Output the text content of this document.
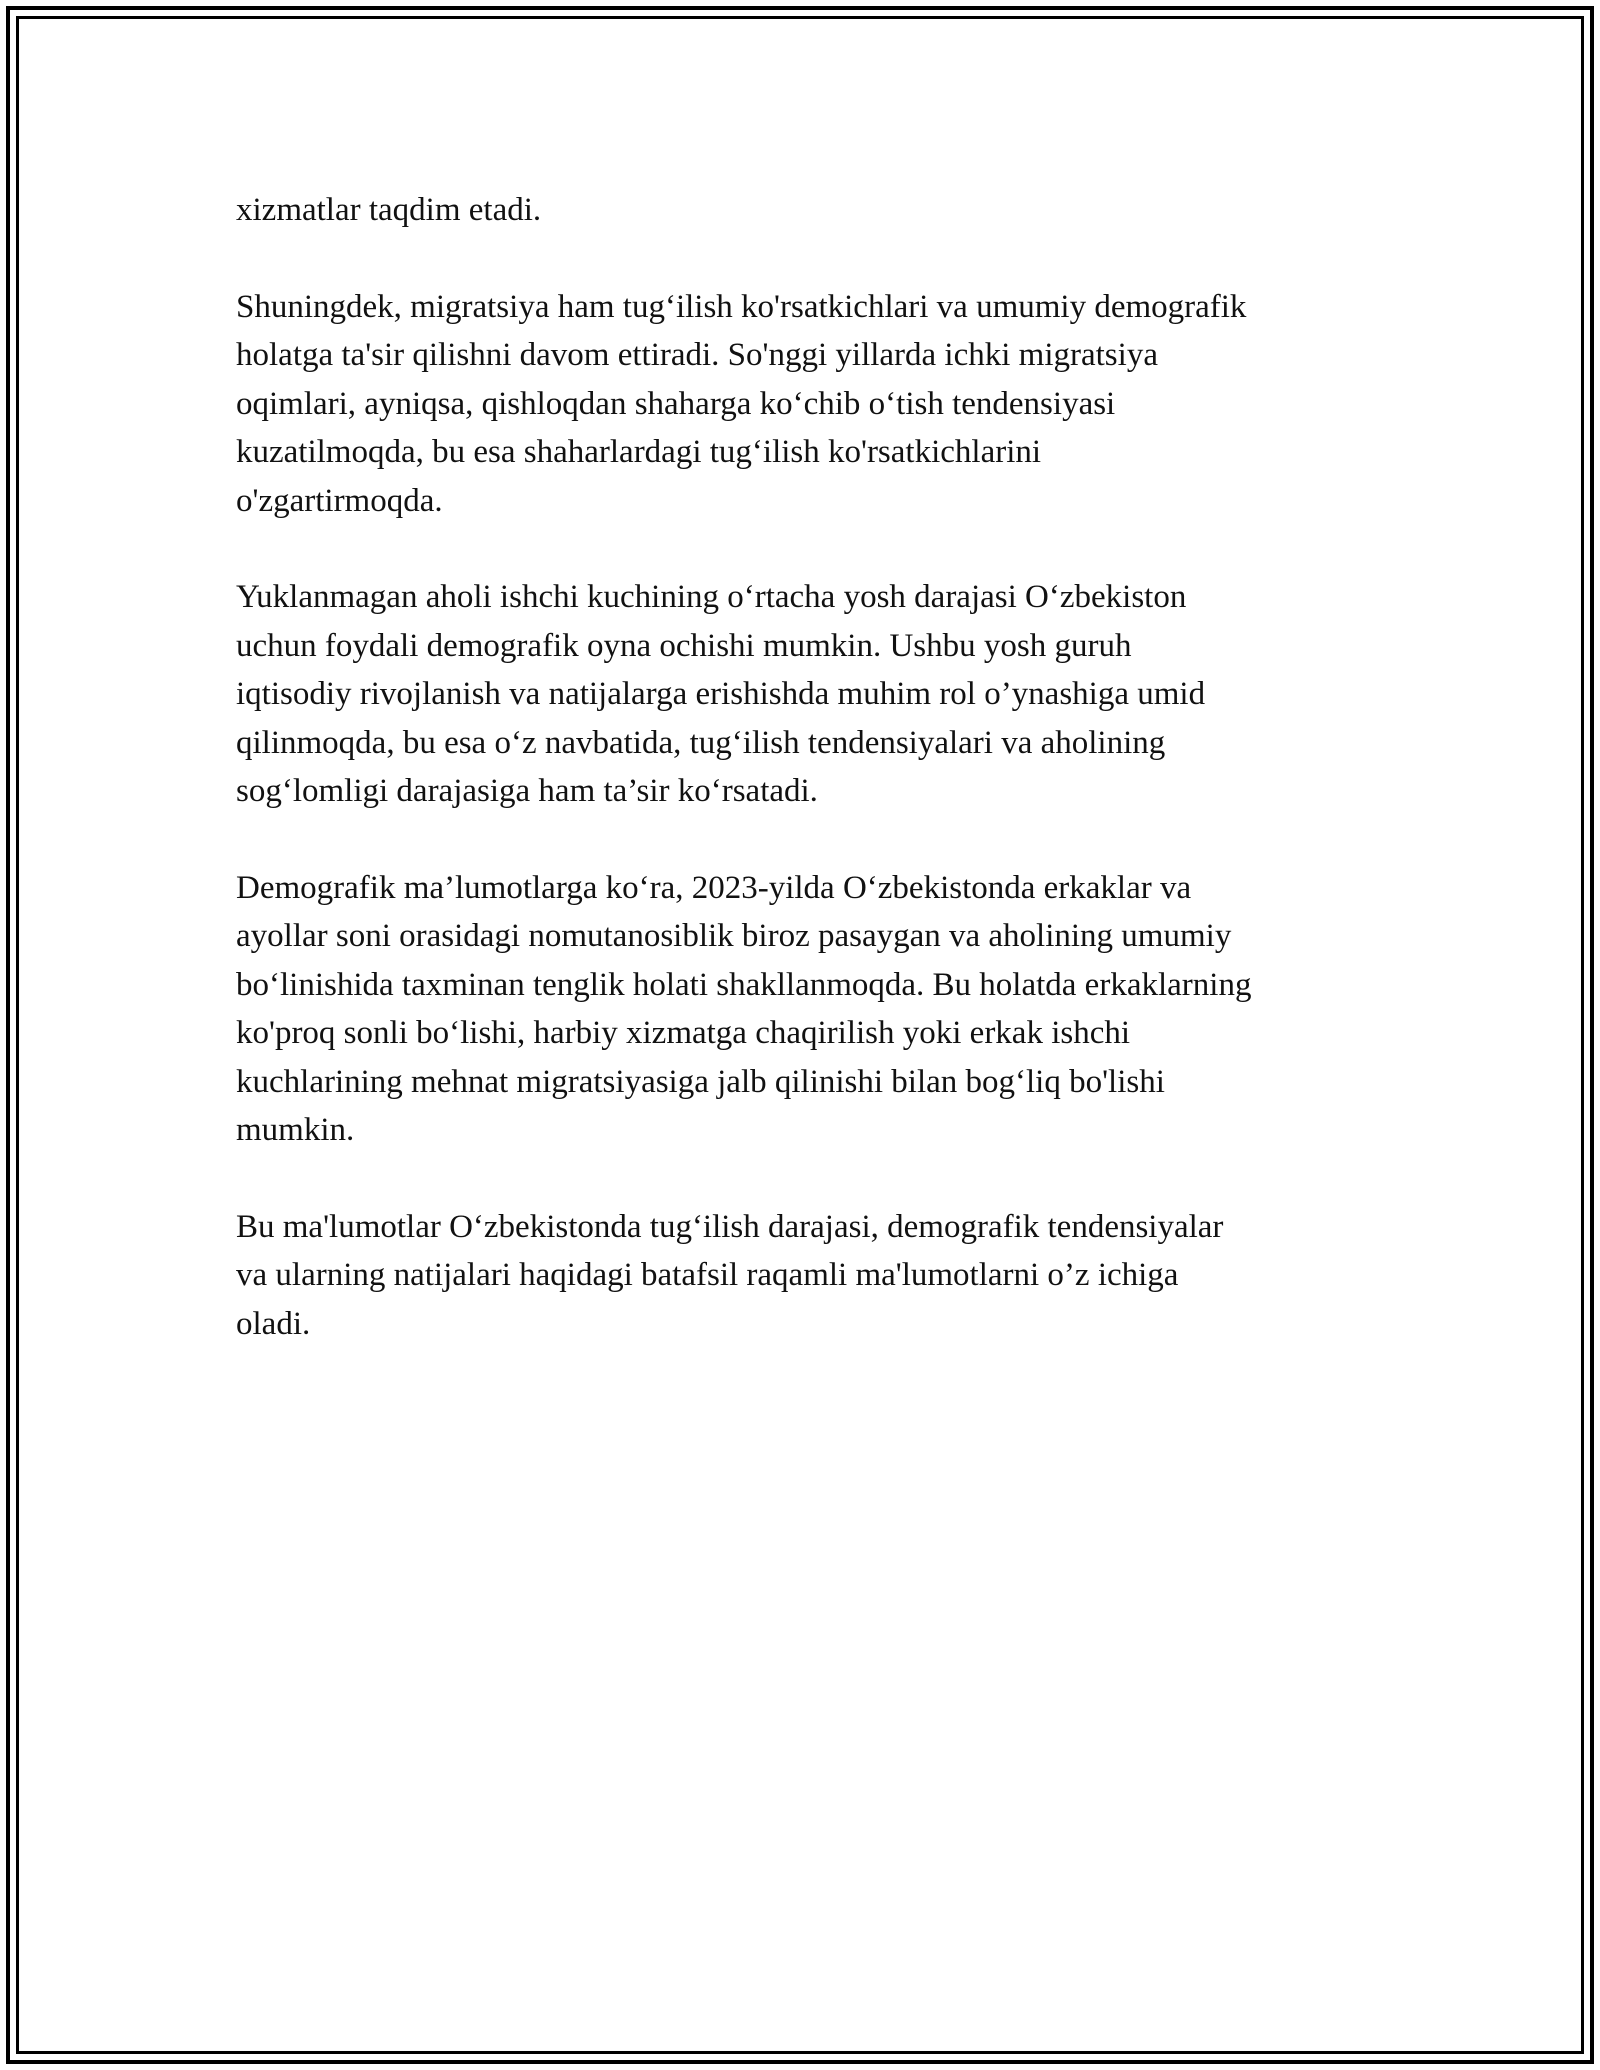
xizmatlar taqdim etadi.

Shuningdek, migratsiya ham tug‘ilish ko'rsatkichlari va umumiy demografik
holatga ta'sir qilishni davom ettiradi. So'nggi yillarda ichki migratsiya
oqimlari, ayniqsa, qishloqdan shaharga ko‘chib o‘tish tendensiyasi
kuzatilmoqda, bu esa shaharlardagi tug‘ilish ko'rsatkichlarini
o'zgartirmoqda.

Yuklanmagan aholi ishchi kuchining o‘rtacha yosh darajasi O‘zbekiston
uchun foydali demografik oyna ochishi mumkin. Ushbu yosh guruh
iqtisodiy rivojlanish va natijalarga erishishda muhim rol o’ynashiga umid
qilinmoqda, bu esa o‘z navbatida, tug‘ilish tendensiyalari va aholining
sog‘lomligi darajasiga ham ta’sir ko‘rsatadi.

Demografik ma’lumotlarga ko‘ra, 2023-yilda O‘zbekistonda erkaklar va
ayollar soni orasidagi nomutanosiblik biroz pasaygan va aholining umumiy
bo‘linishida taxminan tenglik holati shakllanmoqda. Bu holatda erkaklarning
ko'proq sonli bo‘lishi, harbiy xizmatga chaqirilish yoki erkak ishchi
kuchlarining mehnat migratsiyasiga jalb qilinishi bilan bog‘liq bo'lishi
mumkin.

Bu ma'lumotlar O‘zbekistonda tug‘ilish darajasi, demografik tendensiyalar
va ularning natijalari haqidagi batafsil raqamli ma'lumotlarni o’z ichiga
oladi.
